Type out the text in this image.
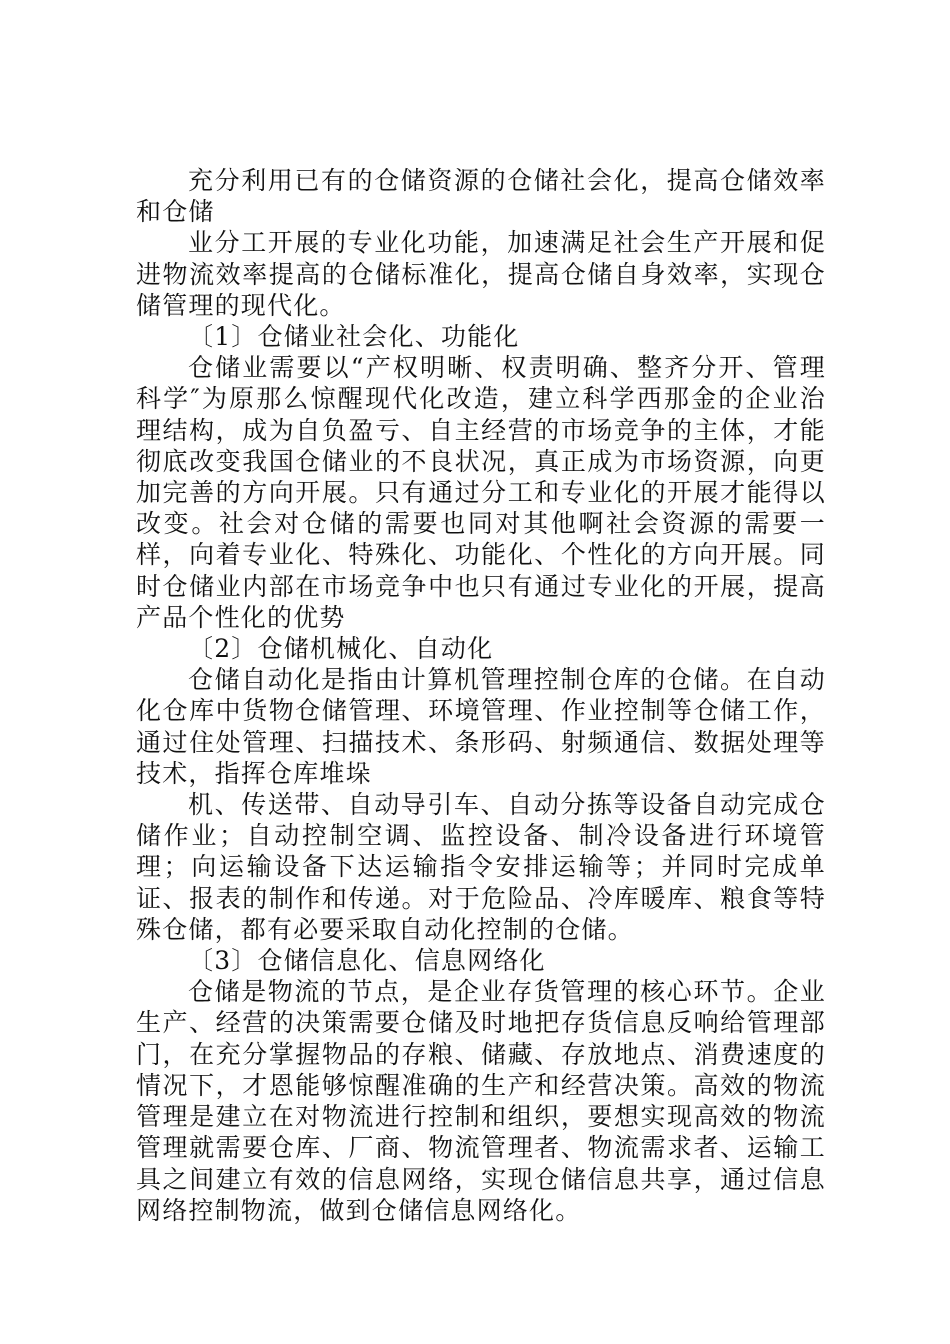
充分利用已有的仓储资源的仓储社会化，提高仓储效率和仓储

业分工开展的专业化功能，加速满足社会生产开展和促进物流效率提高的仓储标准化，提高仓储自身效率，实现仓储管理的现代化。

〔1〕仓储业社会化、功能化

仓储业需要以“产权明晰、权责明确、整齐分开、管理科学″为原那么惊醒现代化改造，建立科学西那金的企业治理结构，成为自负盈亏、自主经营的市场竞争的主体，才能彻底改变我国仓储业的不良状况，真正成为市场资源，向更加完善的方向开展。只有通过分工和专业化的开展才能得以改变。社会对仓储的需要也同对其他啊社会资源的需要一样，向着专业化、特殊化、功能化、个性化的方向开展。同时仓储业内部在市场竞争中也只有通过专业化的开展，提高产品个性化的优势

〔2〕仓储机械化、自动化

仓储自动化是指由计算机管理控制仓库的仓储。在自动化仓库中货物仓储管理、环境管理、作业控制等仓储工作，通过住处管理、扫描技术、条形码、射频通信、数据处理等技术，指挥仓库堆垛

机、传送带、自动导引车、自动分拣等设备自动完成仓储作业；自动控制空调、监控设备、制冷设备进行环境管理；向运输设备下达运输指令安排运输等；并同时完成单证、报表的制作和传递。对于危险品、冷库暖库、粮食等特殊仓储，都有必要采取自动化控制的仓储。

〔3〕仓储信息化、信息网络化

仓储是物流的节点，是企业存货管理的核心环节。企业生产、经营的决策需要仓储及时地把存货信息反响给管理部门，在充分掌握物品的存粮、储藏、存放地点、消费速度的情况下，才恩能够惊醒准确的生产和经营决策。高效的物流管理是建立在对物流进行控制和组织，要想实现高效的物流管理就需要仓库、厂商、物流管理者、物流需求者、运输工具之间建立有效的信息网络，实现仓储信息共享，通过信息网络控制物流，做到仓储信息网络化。
